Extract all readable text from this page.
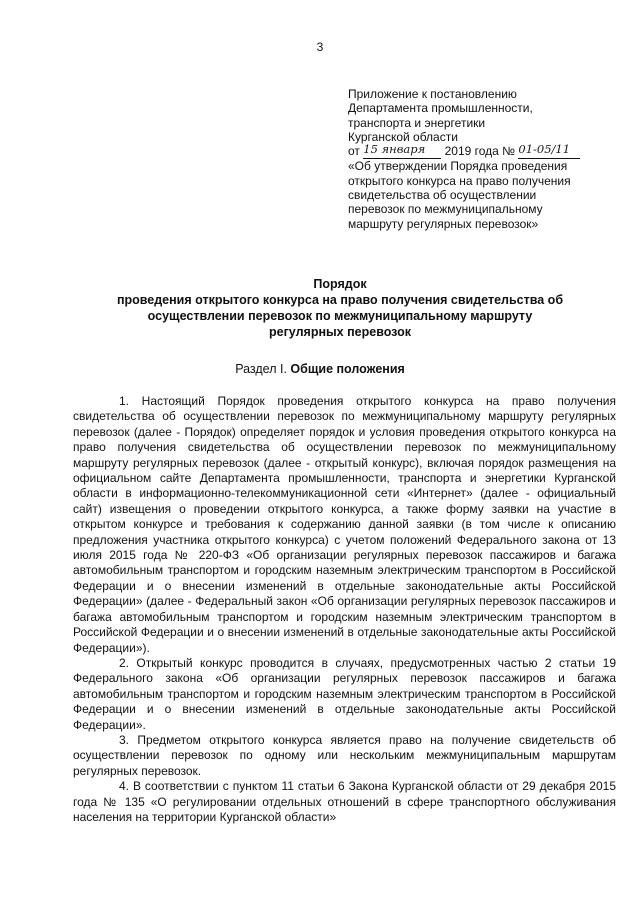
3
Приложение к постановлению
Департамента промышленности,
транспорта и энергетики
Курганской области
от 15 января 2019 года № 01-05/11
«Об утверждении Порядка проведения
открытого конкурса на право получения
свидетельства об осуществлении
перевозок по межмуниципальному
маршруту регулярных перевозок»
Порядок
проведения открытого конкурса на право получения свидетельства об
осуществлении перевозок по межмуниципальному маршруту
регулярных перевозок
Раздел I. Общие положения

1. Настоящий Порядок проведения открытого конкурса на право получения свидетельства об осуществлении перевозок по межмуниципальному маршруту регулярных перевозок (далее - Порядок) определяет порядок и условия проведения открытого конкурса на право получения свидетельства об осуществлении перевозок по межмуниципальному маршруту регулярных перевозок (далее - открытый конкурс), включая порядок размещения на официальном сайте Департамента промышленности, транспорта и энергетики Курганской области в информационно-телекоммуникационной сети «Интернет» (далее - официальный сайт) извещения о проведении открытого конкурса, а также форму заявки на участие в открытом конкурсе и требования к содержанию данной заявки (в том числе к описанию предложения участника открытого конкурса) с учетом положений Федерального закона от 13 июля 2015 года № 220-ФЗ «Об организации регулярных перевозок пассажиров и багажа автомобильным транспортом и городским наземным электрическим транспортом в Российской Федерации и о внесении изменений в отдельные законодательные акты Российской Федерации» (далее - Федеральный закон «Об организации регулярных перевозок пассажиров и багажа автомобильным транспортом и городским наземным электрическим транспортом в Российской Федерации и о внесении изменений в отдельные законодательные акты Российской Федерации»).

2. Открытый конкурс проводится в случаях, предусмотренных частью 2 статьи 19 Федерального закона «Об организации регулярных перевозок пассажиров и багажа автомобильным транспортом и городским наземным электрическим транспортом в Российской Федерации и о внесении изменений в отдельные законодательные акты Российской Федерации».

3. Предметом открытого конкурса является право на получение свидетельств об осуществлении перевозок по одному или нескольким межмуниципальным маршрутам регулярных перевозок.

4. В соответствии с пунктом 11 статьи 6 Закона Курганской области от 29 декабря 2015 года № 135 «О регулировании отдельных отношений в сфере транспортного обслуживания населения на территории Курганской области»
